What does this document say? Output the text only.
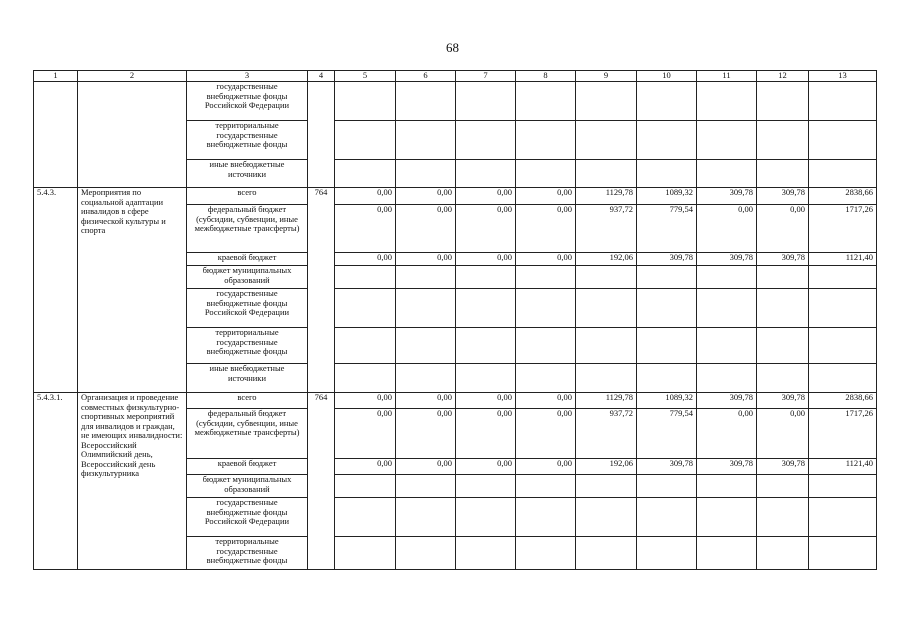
68
1	2	3	4	5	6	7	8	9	10	11	12	13
		государственные внебюджетные фонды Российской Федерации										
		территориальные государственные внебюджетные фонды										
		иные внебюджетные источники										
5.4.3.	Мероприятия по социальной адаптации инвалидов в сфере физической культуры и спорта	всего	764	0,00	0,00	0,00	0,00	1129,78	1089,32	309,78	309,78	2838,66
		федеральный бюджет (субсидии, субвенции, иные межбюджетные трансферты)		0,00	0,00	0,00	0,00	937,72	779,54	0,00	0,00	1717,26
		краевой бюджет		0,00	0,00	0,00	0,00	192,06	309,78	309,78	309,78	1121,40
		бюджет муниципальных образований										
		государственные внебюджетные фонды Российской Федерации										
		территориальные государственные внебюджетные фонды										
		иные внебюджетные источники										
5.4.3.1.	Организация и проведение совместных физкультурно-спортивных мероприятий для инвалидов и граждан, не имеющих инвалидности: Всероссийский Олимпийский день, Всероссийский день физкультурника	всего	764	0,00	0,00	0,00	0,00	1129,78	1089,32	309,78	309,78	2838,66
		федеральный бюджет (субсидии, субвенции, иные межбюджетные трансферты)		0,00	0,00	0,00	0,00	937,72	779,54	0,00	0,00	1717,26
		краевой бюджет		0,00	0,00	0,00	0,00	192,06	309,78	309,78	309,78	1121,40
		бюджет муниципальных образований										
		государственные внебюджетные фонды Российской Федерации										
		территориальные государственные внебюджетные фонды										
